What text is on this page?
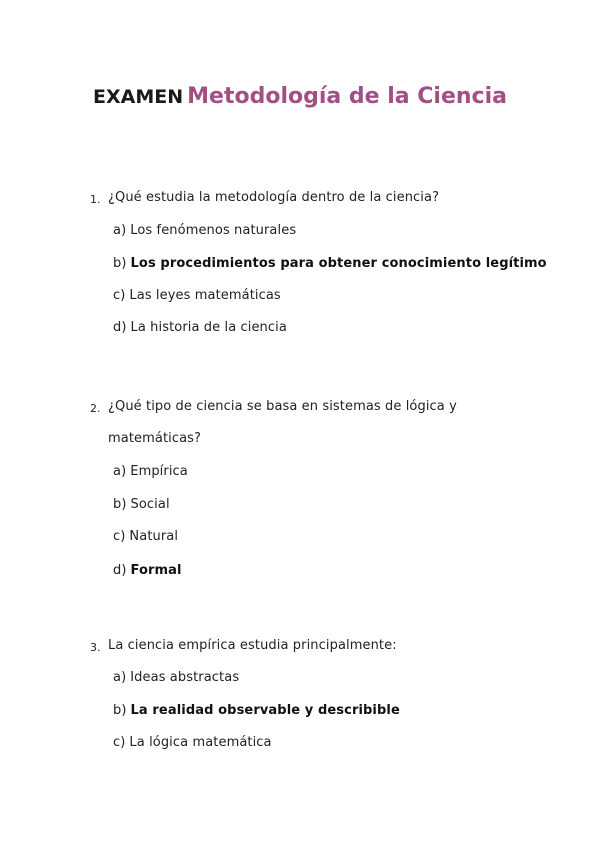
EXAMEN Metodología de la Ciencia
1. ¿Qué estudia la metodología dentro de la ciencia?
a) Los fenómenos naturales
b) Los procedimientos para obtener conocimiento legítimo
c) Las leyes matemáticas
d) La historia de la ciencia
2. ¿Qué tipo de ciencia se basa en sistemas de lógica y
matemáticas?
a) Empírica
b) Social
c) Natural
d) Formal
3. La ciencia empírica estudia principalmente:
a) Ideas abstractas
b) La realidad observable y describible
c) La lógica matemática
